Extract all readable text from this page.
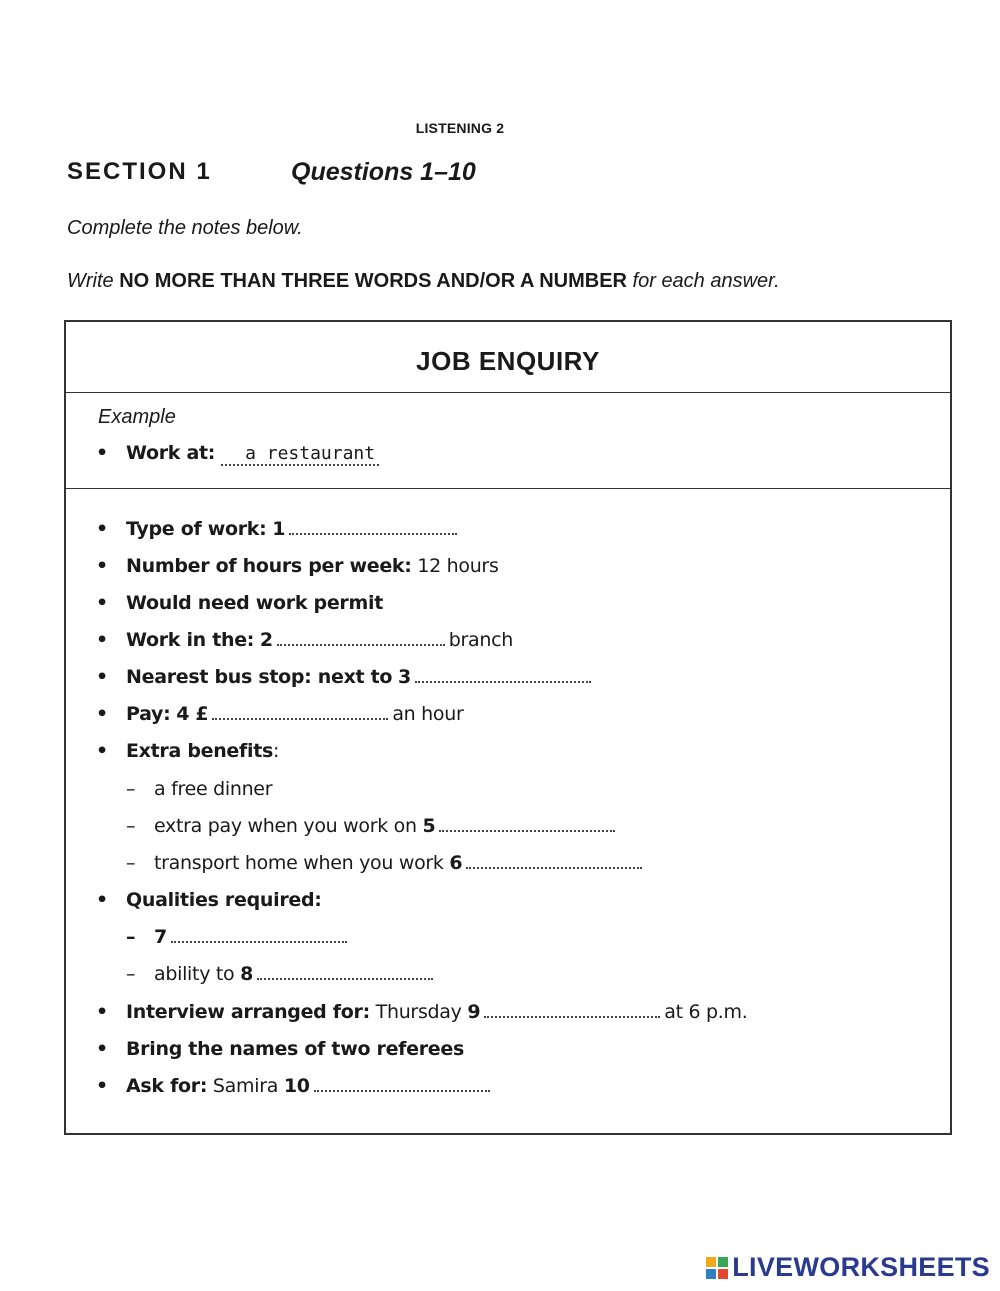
LISTENING 2
SECTION 1	Questions 1–10
Complete the notes below.
Write NO MORE THAN THREE WORDS AND/OR A NUMBER for each answer.
JOB ENQUIRY
Example
• Work at: a restaurant
• Type of work: 1
• Number of hours per week: 12 hours
• Would need work permit
• Work in the: 2	branch
• Nearest bus stop: next to 3
• Pay: 4 £	an hour
• Extra benefits:
– a free dinner
– extra pay when you work on 5
– transport home when you work 6
• Qualities required:
– 7
– ability to 8
• Interview arranged for: Thursday 9	at 6 p.m.
• Bring the names of two referees
• Ask for: Samira 10
LIVEWORKSHEETS
